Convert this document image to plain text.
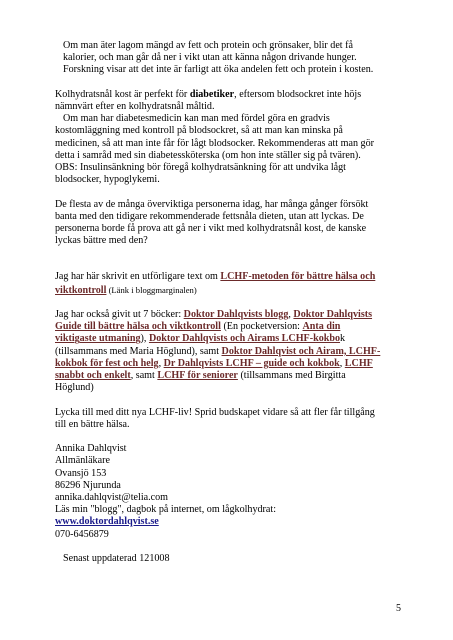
Om man äter lagom mängd av fett och protein och grönsaker, blir det få
kalorier, och man går då ner i vikt utan att känna någon drivande hunger.
Forskning visar att det inte är farligt att öka andelen fett och protein i kosten.

Kolhydratsnål kost är perfekt för diabetiker, eftersom blodsockret inte höjs
nämnvärt efter en kolhydratsnål måltid.
Om man har diabetesmedicin kan man med fördel göra en gradvis
kostomläggning med kontroll på blodsockret, så att man kan minska på
medicinen, så att man inte får för lågt blodsocker. Rekommenderas att man gör
detta i samråd med sin diabetessköterska (om hon inte ställer sig på tvären).
OBS: Insulinsänkning bör föregå kolhydratsänkning för att undvika lågt
blodsocker, hypoglykemi.

De flesta av de många överviktiga personerna idag, har många gånger försökt
banta med den tidigare rekommenderade fettsnåla dieten, utan att lyckas. De
personerna borde få prova att gå ner i vikt med kolhydratsnål kost, de kanske
lyckas bättre med den?

Jag har här skrivit en utförligare text om LCHF-metoden för bättre hälsa och
viktkontroll (Länk i bloggmarginalen)

Jag har också givit ut 7 böcker: Doktor Dahlqvists blogg, Doktor Dahlqvists
Guide till bättre hälsa och viktkontroll (En pocketversion: Anta din
viktigaste utmaning), Doktor Dahlqvists och Airams LCHF-kokbok
(tillsammans med Maria Höglund), samt Doktor Dahlqvist och Airam, LCHF-
kokbok för fest och helg, Dr Dahlqvists LCHF – guide och kokbok, LCHF
snabbt och enkelt, samt LCHF för seniorer (tillsammans med Birgitta
Höglund)

Lycka till med ditt nya LCHF-liv! Sprid budskapet vidare så att fler får tillgång
till en bättre hälsa.

Annika Dahlqvist
Allmänläkare
Ovansjö 153
86296 Njurunda
annika.dahlqvist@telia.com
Läs min "blogg", dagbok på internet, om lågkolhydrat:
www.doktordahlqvist.se
070-6456879

Senast uppdaterad 121008

5
